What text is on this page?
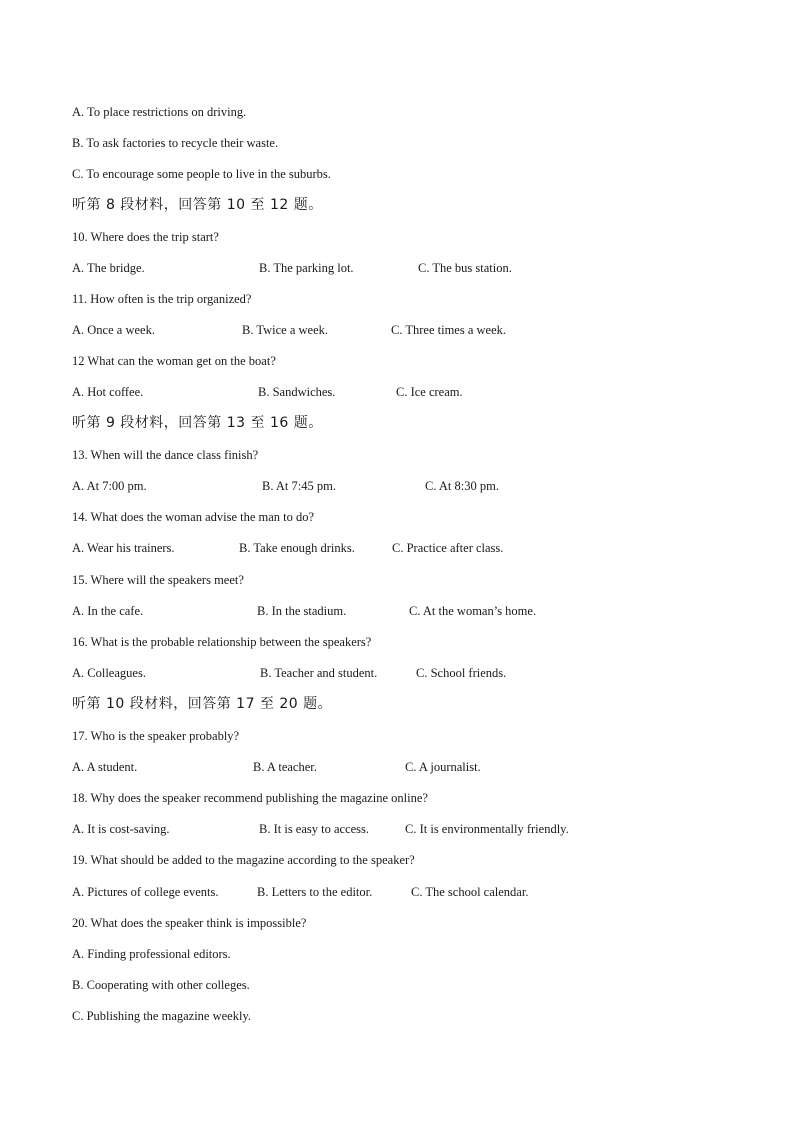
A. To place restrictions on driving.
B. To ask factories to recycle their waste.
C. To encourage some people to live in the suburbs.
听第 8 段材料，回答第 10 至 12 题。
10. Where does the trip start?
A. The bridge.	B. The parking lot.	C. The bus station.
11. How often is the trip organized?
A. Once a week.	B. Twice a week.	C. Three times a week.
12 What can the woman get on the boat?
A. Hot coffee.	B. Sandwiches.	C. Ice cream.
听第 9 段材料，回答第 13 至 16 题。
13. When will the dance class finish?
A. At 7:00 pm.	B. At 7:45 pm.	C. At 8:30 pm.
14. What does the woman advise the man to do?
A. Wear his trainers.	B. Take enough drinks.	C. Practice after class.
15. Where will the speakers meet?
A. In the cafe.	B. In the stadium.	C. At the woman’s home.
16. What is the probable relationship between the speakers?
A. Colleagues.	B. Teacher and student.	C. School friends.
听第 10 段材料，回答第 17 至 20 题。
17. Who is the speaker probably?
A. A student.	B. A teacher.	C. A journalist.
18. Why does the speaker recommend publishing the magazine online?
A. It is cost-saving.	B. It is easy to access.	C. It is environmentally friendly.
19. What should be added to the magazine according to the speaker?
A. Pictures of college events.	B. Letters to the editor.	C. The school calendar.
20. What does the speaker think is impossible?
A. Finding professional editors.
B. Cooperating with other colleges.
C. Publishing the magazine weekly.
